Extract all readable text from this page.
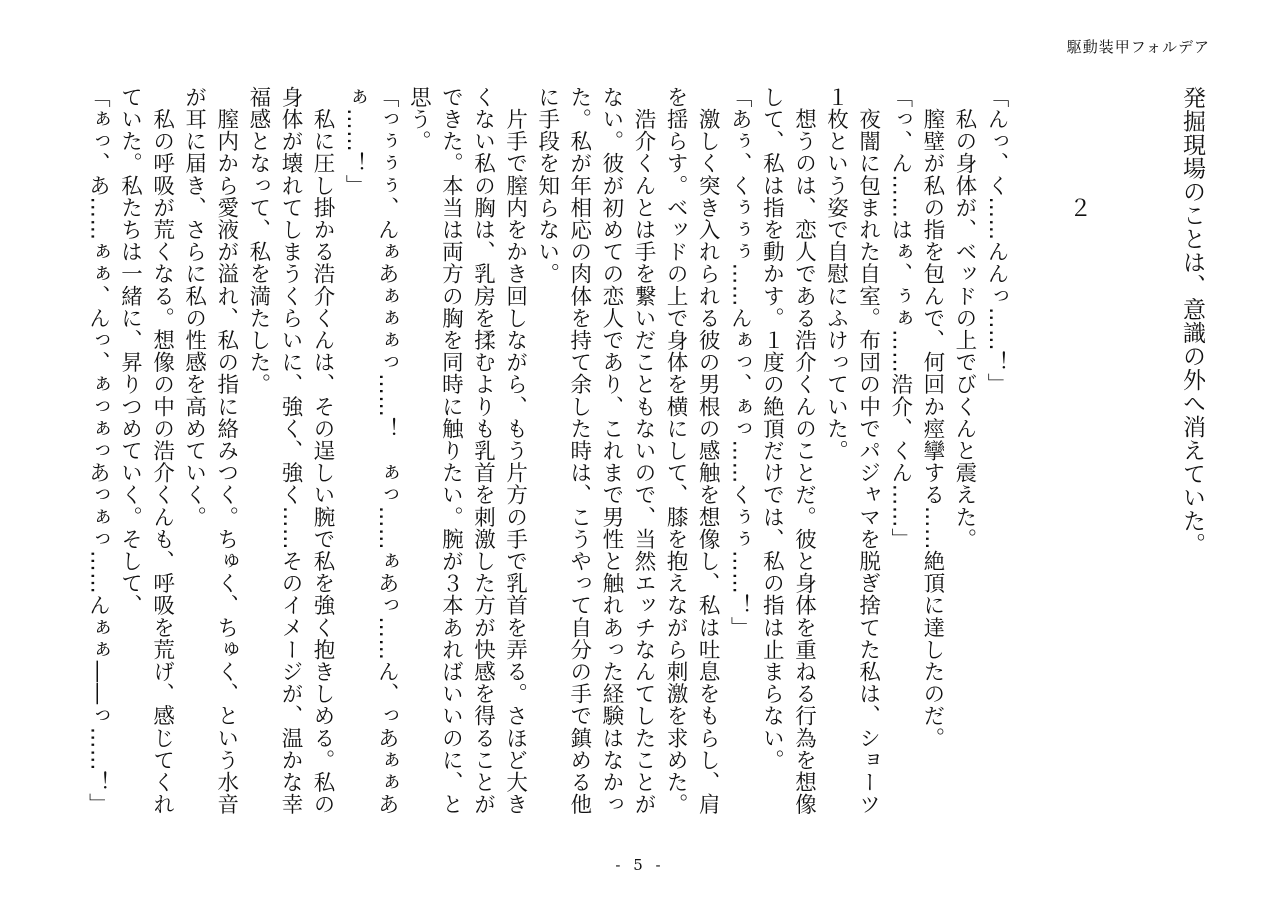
駆動装甲フォルデア
発掘現場のことは、意識の外へ消えていた。
２

「んっ、く……んんっ……！」

　私の身体が、ベッドの上でびくんと震えた。

　膣壁が私の指を包んで、何回か痙攣する……絶頂に達したのだ。

「っ、ん……はぁ、ぅぁ……浩介、くん……」

　夜闇に包まれた自室。布団の中でパジャマを脱ぎ捨てた私は、ショーツ

１枚という姿で自慰にふけっていた。

　想うのは、恋人である浩介くんのことだ。彼と身体を重ねる行為を想像

して、私は指を動かす。１度の絶頂だけでは、私の指は止まらない。

「あぅ、くぅぅぅ……んぁっ、ぁっ……くぅぅ……！」

　激しく突き入れられる彼の男根の感触を想像し、私は吐息をもらし、肩

を揺らす。ベッドの上で身体を横にして、膝を抱えながら刺激を求めた。

　浩介くんとは手を繋いだこともないので、当然エッチなんてしたことが

ない。彼が初めての恋人であり、これまで男性と触れあった経験はなかっ

た。私が年相応の肉体を持て余した時は、こうやって自分の手で鎮める他

に手段を知らない。

　片手で膣内をかき回しながら、もう片方の手で乳首を弄る。さほど大き

くない私の胸は、乳房を揉むよりも乳首を刺激した方が快感を得ることが

できた。本当は両方の胸を同時に触りたい。腕が３本あればいいのに、と

思う。

「っぅぅぅ、んぁあぁぁぁっ……！　ぁっ……ぁあっ……ん、っあぁぁあ

ぁ……！」

　私に圧し掛かる浩介くんは、その逞しい腕で私を強く抱きしめる。私の

身体が壊れてしまうくらいに、強く、強く……そのイメージが、温かな幸

福感となって、私を満たした。

　膣内から愛液が溢れ、私の指に絡みつく。ちゅく、ちゅく、という水音

が耳に届き、さらに私の性感を高めていく。

　私の呼吸が荒くなる。想像の中の浩介くんも、呼吸を荒げ、感じてくれ

ていた。私たちは一緒に、昇りつめていく。そして、

「ぁっ、あ……ぁぁ、んっ、ぁっぁっあっぁっ……んぁぁ――っ……！」

- 5 -
